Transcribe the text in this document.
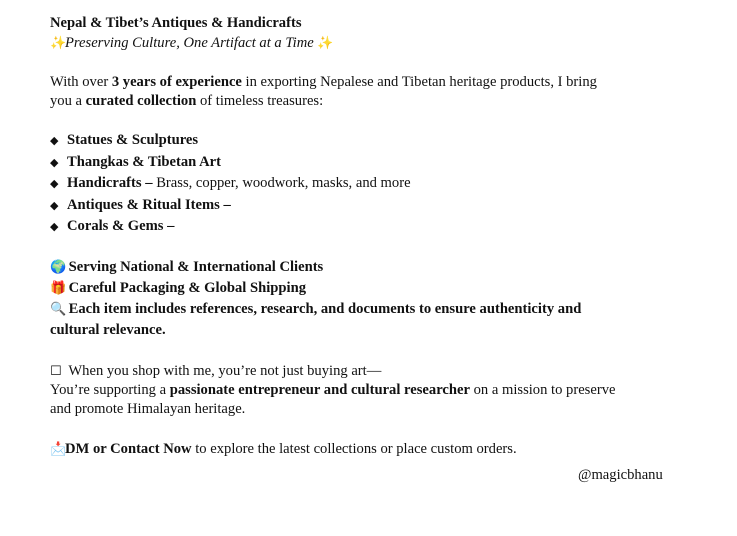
Nepal & Tibet’s Antiques & Handicrafts

✨Preserving Culture, One Artifact at a Time ✨

With over 3 years of experience in exporting Nepalese and Tibetan heritage products, I bring

you a curated collection of timeless treasures:

◆ Statues & Sculptures

◆ Thangkas & Tibetan Art

◆ Handicrafts – Brass, copper, woodwork, masks, and more

◆ Antiques & Ritual Items –

◆ Corals & Gems –

🌍 Serving National & International Clients

🎁 Careful Packaging & Global Shipping

🔍 Each item includes references, research, and documents to ensure authenticity and

cultural relevance.

☐ When you shop with me, you’re not just buying art—

You’re supporting a passionate entrepreneur and cultural researcher on a mission to preserve

and promote Himalayan heritage.

📩DM or Contact Now to explore the latest collections or place custom orders.

@magicbhanu
